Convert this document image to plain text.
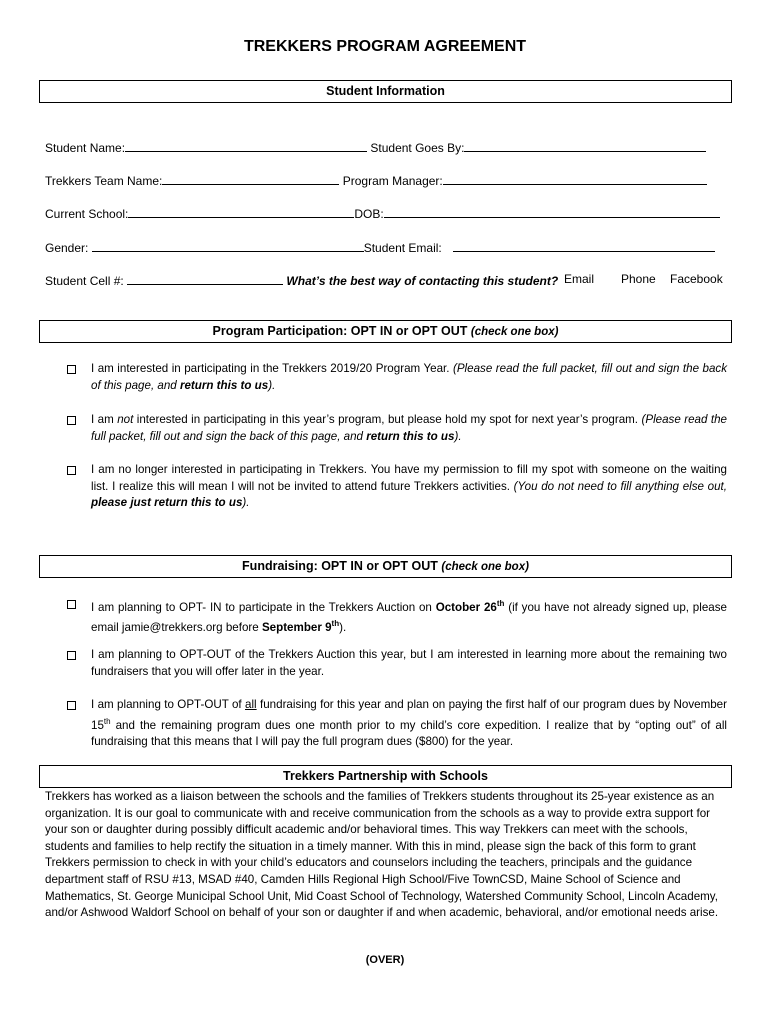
TREKKERS PROGRAM AGREEMENT
Student Information
Student Name:	Student Goes By:
Trekkers Team Name:	Program Manager:
Current School:	DOB:
Gender:	Student Email:
Student Cell #:	What’s the best way of contacting this student? Email Phone Facebook
Program Participation: OPT IN or OPT OUT (check one box)
I am interested in participating in the Trekkers 2019/20 Program Year. (Please read the full packet, fill out and sign the back of this page, and return this to us).
I am not interested in participating in this year’s program, but please hold my spot for next year’s program. (Please read the full packet, fill out and sign the back of this page, and return this to us).
I am no longer interested in participating in Trekkers. You have my permission to fill my spot with someone on the waiting list. I realize this will mean I will not be invited to attend future Trekkers activities. (You do not need to fill anything else out, please just return this to us).
Fundraising: OPT IN or OPT OUT (check one box)
I am planning to OPT- IN to participate in the Trekkers Auction on October 26th (if you have not already signed up, please email jamie@trekkers.org before September 9th).
I am planning to OPT-OUT of the Trekkers Auction this year, but I am interested in learning more about the remaining two fundraisers that you will offer later in the year.
I am planning to OPT-OUT of all fundraising for this year and plan on paying the first half of our program dues by November 15th and the remaining program dues one month prior to my child’s core expedition. I realize that by “opting out” of all fundraising that this means that I will pay the full program dues ($800) for the year.
Trekkers Partnership with Schools
Trekkers has worked as a liaison between the schools and the families of Trekkers students throughout its 25-year existence as an organization. It is our goal to communicate with and receive communication from the schools as a way to provide extra support for your son or daughter during possibly difficult academic and/or behavioral times. This way Trekkers can meet with the schools, students and families to help rectify the situation in a timely manner. With this in mind, please sign the back of this form to grant Trekkers permission to check in with your child’s educators and counselors including the teachers, principals and the guidance department staff of RSU #13, MSAD #40, Camden Hills Regional High School/Five TownCSD, Maine School of Science and Mathematics, St. George Municipal School Unit, Mid Coast School of Technology, Watershed Community School, Lincoln Academy, and/or Ashwood Waldorf School on behalf of your son or daughter if and when academic, behavioral, and/or emotional needs arise.
(OVER)
